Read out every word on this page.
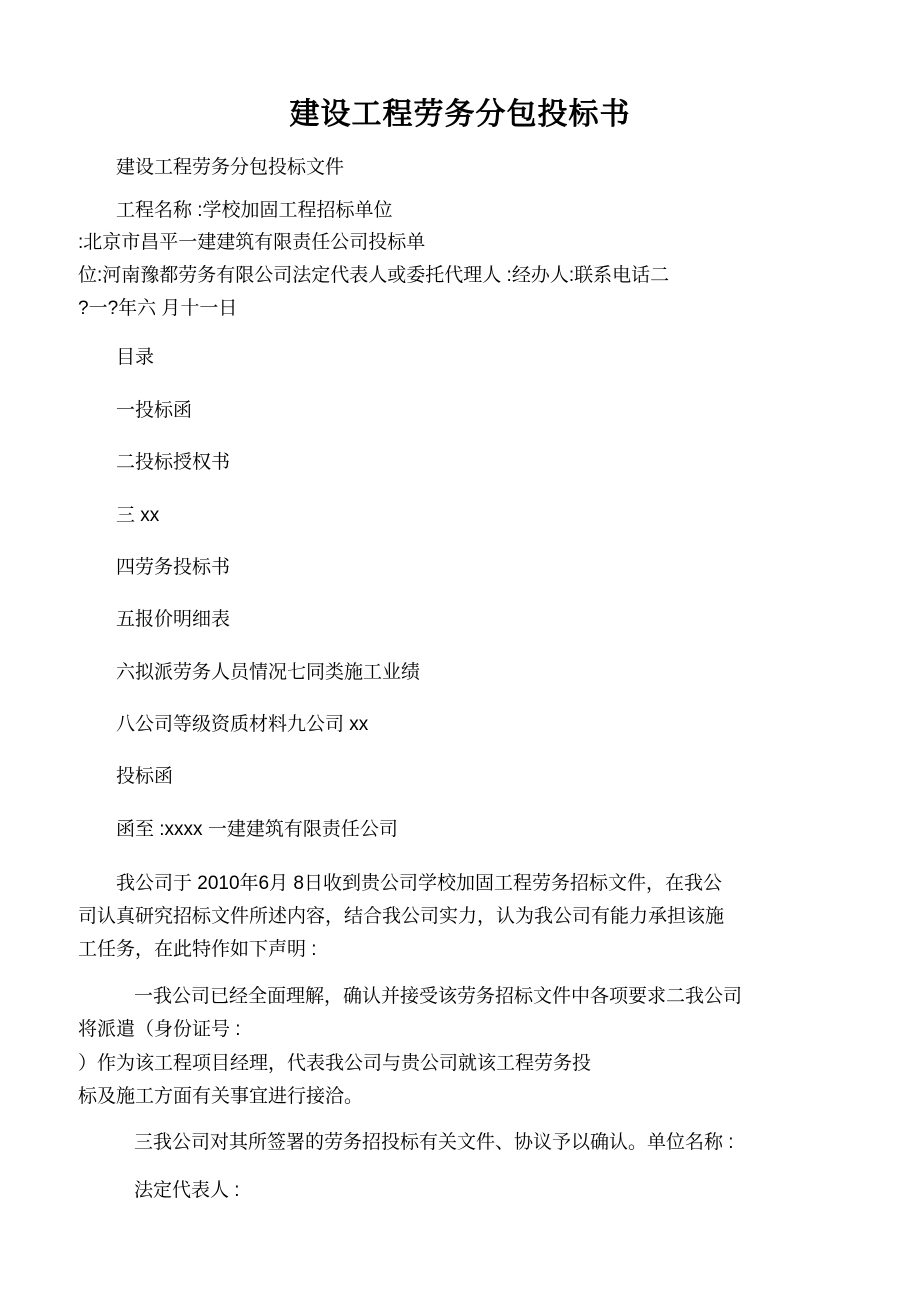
建设工程劳务分包投标书

建设工程劳务分包投标文件

工程名称 :学校加固工程招标单位
:北京市昌平一建建筑有限责任公司投标单
位:河南豫都劳务有限公司法定代表人或委托代理人 :经办人:联系电话二
?一?年六 月十一日

目录

一投标函

二投标授权书

三 xx

四劳务投标书

五报价明细表

六拟派劳务人员情况七同类施工业绩

八公司等级资质材料九公司 xx

投标函

函至 :xxxx 一建建筑有限责任公司

我公司于 2010年6月 8日收到贵公司学校加固工程劳务招标文件，在我公
司认真研究招标文件所述内容，结合我公司实力，认为我公司有能力承担该施
工任务，在此特作如下声明 :
一我公司已经全面理解，确认并接受该劳务招标文件中各项要求二我公司
将派遣（身份证号 :
）作为该工程项目经理，代表我公司与贵公司就该工程劳务投
标及施工方面有关事宜进行接洽。

三我公司对其所签署的劳务招投标有关文件、协议予以确认。单位名称 :

法定代表人 :
